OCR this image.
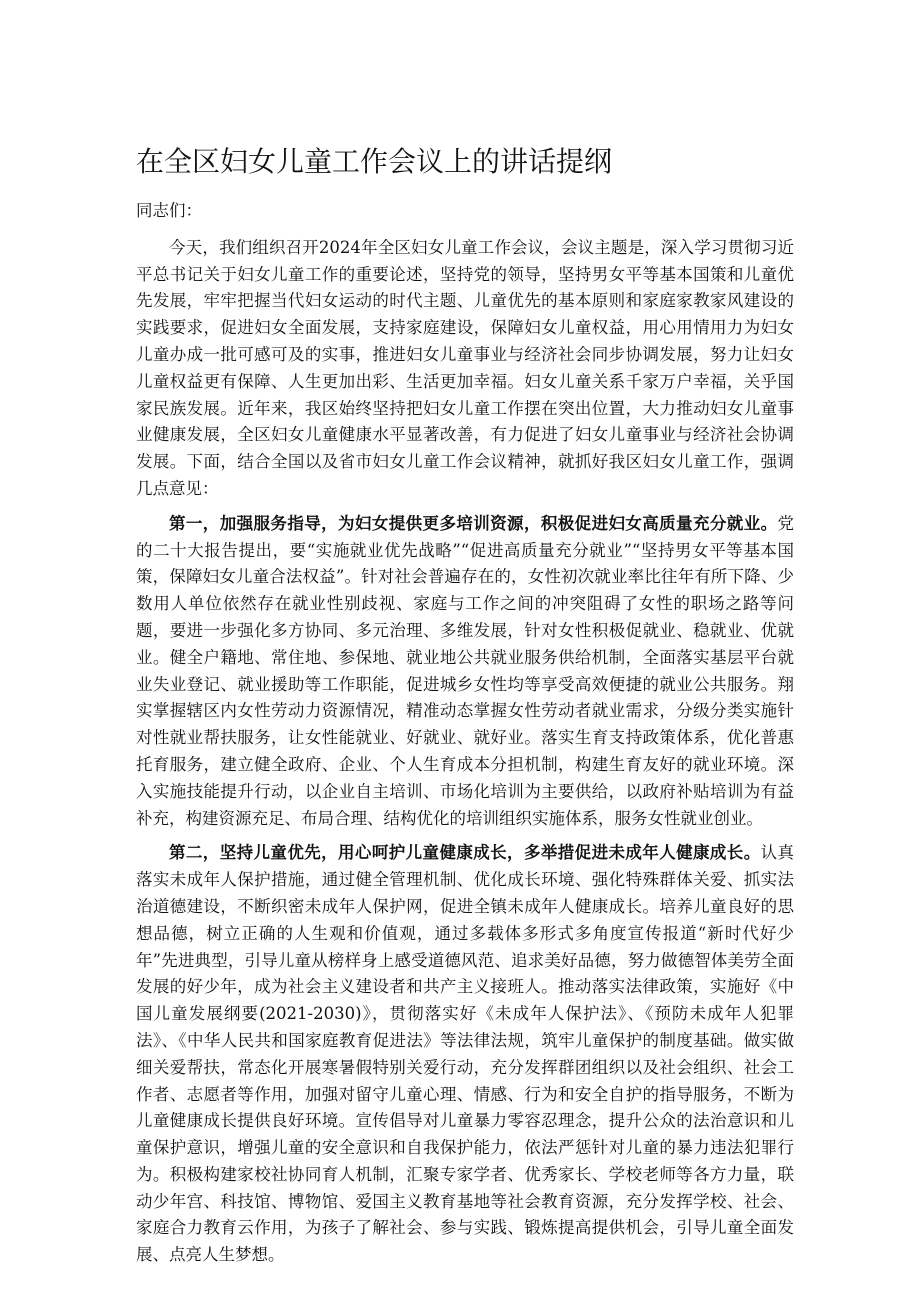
在全区妇女儿童工作会议上的讲话提纲

同志们：

今天，我们组织召开2024年全区妇女儿童工作会议，会议主题是，深入学习贯彻习近平总书记关于妇女儿童工作的重要论述，坚持党的领导，坚持男女平等基本国策和儿童优先发展，牢牢把握当代妇女运动的时代主题、儿童优先的基本原则和家庭家教家风建设的实践要求，促进妇女全面发展，支持家庭建设，保障妇女儿童权益，用心用情用力为妇女儿童办成一批可感可及的实事，推进妇女儿童事业与经济社会同步协调发展，努力让妇女儿童权益更有保障、人生更加出彩、生活更加幸福。妇女儿童关系千家万户幸福，关乎国家民族发展。近年来，我区始终坚持把妇女儿童工作摆在突出位置，大力推动妇女儿童事业健康发展，全区妇女儿童健康水平显著改善，有力促进了妇女儿童事业与经济社会协调发展。下面，结合全国以及省市妇女儿童工作会议精神，就抓好我区妇女儿童工作，强调几点意见：

第一，加强服务指导，为妇女提供更多培训资源，积极促进妇女高质量充分就业。党的二十大报告提出，要“实施就业优先战略”“促进高质量充分就业”“坚持男女平等基本国策，保障妇女儿童合法权益”。针对社会普遍存在的，女性初次就业率比往年有所下降、少数用人单位依然存在就业性别歧视、家庭与工作之间的冲突阻碍了女性的职场之路等问题，要进一步强化多方协同、多元治理、多维发展，针对女性积极促就业、稳就业、优就业。健全户籍地、常住地、参保地、就业地公共就业服务供给机制，全面落实基层平台就业失业登记、就业援助等工作职能，促进城乡女性均等享受高效便捷的就业公共服务。翔实掌握辖区内女性劳动力资源情况，精准动态掌握女性劳动者就业需求，分级分类实施针对性就业帮扶服务，让女性能就业、好就业、就好业。落实生育支持政策体系，优化普惠托育服务，建立健全政府、企业、个人生育成本分担机制，构建生育友好的就业环境。深入实施技能提升行动，以企业自主培训、市场化培训为主要供给，以政府补贴培训为有益补充，构建资源充足、布局合理、结构优化的培训组织实施体系，服务女性就业创业。

第二，坚持儿童优先，用心呵护儿童健康成长，多举措促进未成年人健康成长。认真落实未成年人保护措施，通过健全管理机制、优化成长环境、强化特殊群体关爱、抓实法治道德建设，不断织密未成年人保护网，促进全镇未成年人健康成长。培养儿童良好的思想品德，树立正确的人生观和价值观，通过多载体多形式多角度宣传报道“新时代好少年”先进典型，引导儿童从榜样身上感受道德风范、追求美好品德，努力做德智体美劳全面发展的好少年，成为社会主义建设者和共产主义接班人。推动落实法律政策，实施好《中国儿童发展纲要(2021-2030)》，贯彻落实好《未成年人保护法》、《预防未成年人犯罪法》、《中华人民共和国家庭教育促进法》等法律法规，筑牢儿童保护的制度基础。做实做细关爱帮扶，常态化开展寒暑假特别关爱行动，充分发挥群团组织以及社会组织、社会工作者、志愿者等作用，加强对留守儿童心理、情感、行为和安全自护的指导服务，不断为儿童健康成长提供良好环境。宣传倡导对儿童暴力零容忍理念，提升公众的法治意识和儿童保护意识，增强儿童的安全意识和自我保护能力，依法严惩针对儿童的暴力违法犯罪行为。积极构建家校社协同育人机制，汇聚专家学者、优秀家长、学校老师等各方力量，联动少年宫、科技馆、博物馆、爱国主义教育基地等社会教育资源，充分发挥学校、社会、家庭合力教育云作用，为孩子了解社会、参与实践、锻炼提高提供机会，引导儿童全面发展、点亮人生梦想。
